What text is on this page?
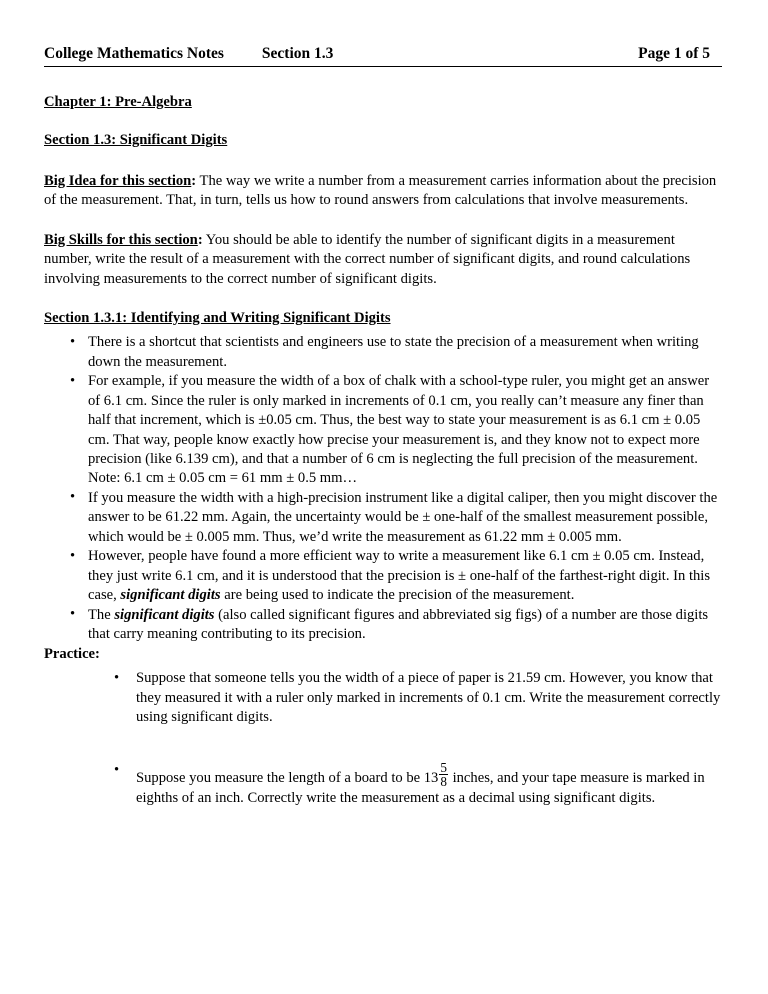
College Mathematics Notes Section 1.3	Page 1 of 5
Chapter 1: Pre-Algebra
Section 1.3: Significant Digits

Big Idea for this section: The way we write a number from a measurement carries information about the precision of the measurement. That, in turn, tells us how to round answers from calculations that involve measurements.

Big Skills for this section: You should be able to identify the number of significant digits in a measurement number, write the result of a measurement with the correct number of significant digits, and round calculations involving measurements to the correct number of significant digits.

Section 1.3.1: Identifying and Writing Significant Digits
• There is a shortcut that scientists and engineers use to state the precision of a measurement when writing down the measurement.
• For example, if you measure the width of a box of chalk with a school-type ruler, you might get an answer of 6.1 cm. Since the ruler is only marked in increments of 0.1 cm, you really can’t measure any finer than half that increment, which is ±0.05 cm. Thus, the best way to state your measurement is as 6.1 cm ± 0.05 cm. That way, people know exactly how precise your measurement is, and they know not to expect more precision (like 6.139 cm), and that a number of 6 cm is neglecting the full precision of the measurement. Note: 6.1 cm ± 0.05 cm = 61 mm ± 0.5 mm…
• If you measure the width with a high-precision instrument like a digital caliper, then you might discover the answer to be 61.22 mm. Again, the uncertainty would be ± one-half of the smallest measurement possible, which would be ± 0.005 mm. Thus, we’d write the measurement as 61.22 mm ± 0.005 mm.
• However, people have found a more efficient way to write a measurement like 6.1 cm ± 0.05 cm. Instead, they just write 6.1 cm, and it is understood that the precision is ± one-half of the farthest-right digit. In this case, significant digits are being used to indicate the precision of the measurement.
• The significant digits (also called significant figures and abbreviated sig figs) of a number are those digits that carry meaning contributing to its precision.
Practice:
• Suppose that someone tells you the width of a piece of paper is 21.59 cm. However, you know that they measured it with a ruler only marked in increments of 0.1 cm. Write the measurement correctly using significant digits.
• Suppose you measure the length of a board to be $13 \frac{5}{8}$ inches, and your tape measure is marked in eighths of an inch. Correctly write the measurement as a decimal using significant digits.
